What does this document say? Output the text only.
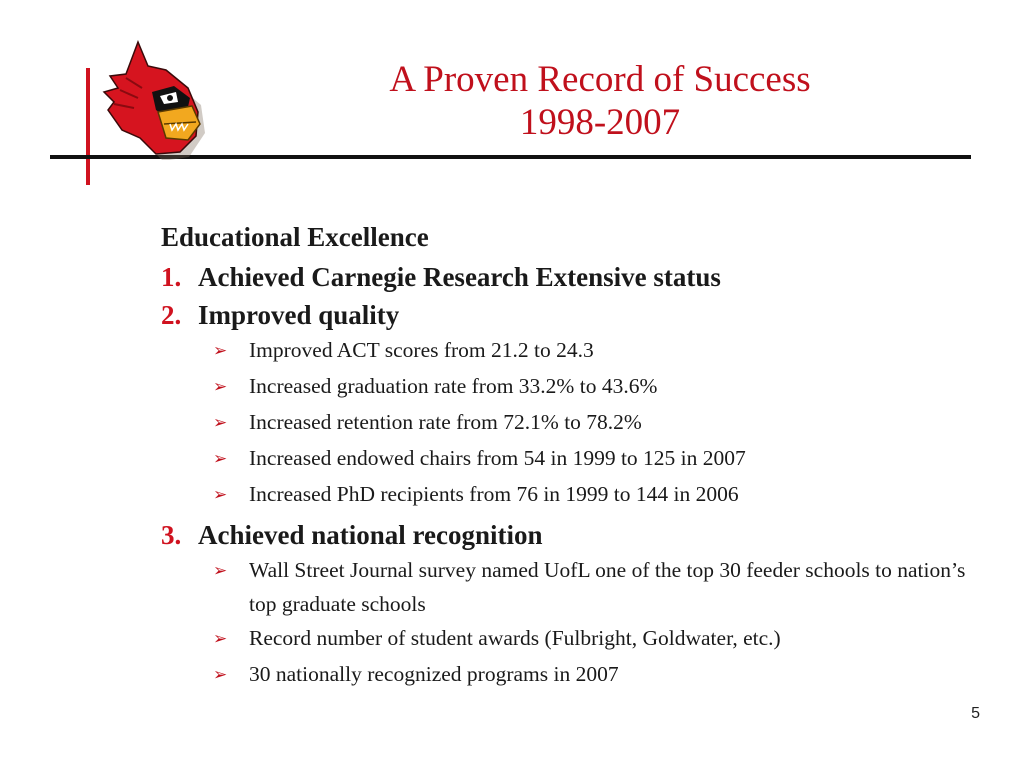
A Proven Record of Success
1998-2007
Educational Excellence
1. Achieved Carnegie Research Extensive status
2. Improved quality
➢	Improved ACT scores from 21.2 to 24.3
➢	Increased graduation rate from 33.2% to 43.6%
➢	Increased retention rate from 72.1% to 78.2%
➢	Increased endowed chairs from 54 in 1999 to 125 in 2007
➢	Increased PhD recipients from 76 in 1999 to 144 in 2006
3. Achieved national recognition
➢	Wall Street Journal survey named UofL one of the top 30 feeder schools to nation’s top graduate schools
➢	Record number of student awards (Fulbright, Goldwater, etc.)
➢	30 nationally recognized programs in 2007
5
